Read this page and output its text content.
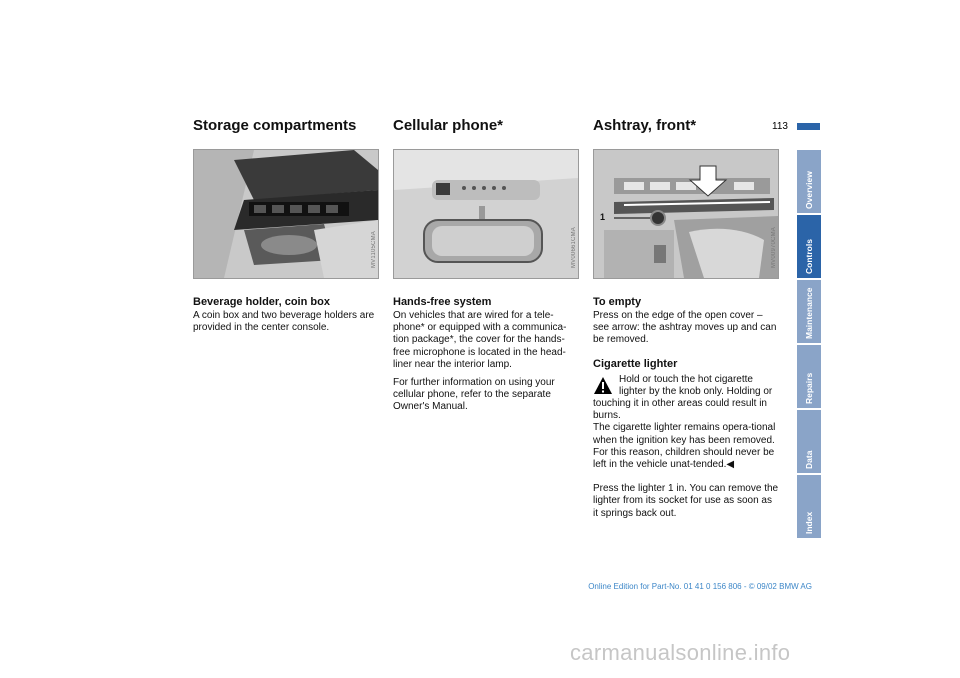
113
Storage compartments
MV1105CMA
Beverage holder, coin box

A coin box and two beverage holders are provided in the center console.

Cellular phone*
MV00661CMA
Hands-free system

On vehicles that are wired for a tele-phone* or equipped with a communica-tion package*, the cover for the hands-free microphone is located in the head-liner near the interior lamp.

For further information on using your cellular phone, refer to the separate Owner's Manual.

Ashtray, front*
1
MV00970CMA
To empty

Press on the edge of the open cover – see arrow: the ashtray moves up and can be removed.

Cigarette lighter

Hold or touch the hot cigarette lighter by the knob only. Holding or touching it in other areas could result in burns.
The cigarette lighter remains opera-tional when the ignition key has been removed. For this reason, children should never be left in the vehicle unat-tended.◀

Press the lighter 1 in. You can remove the lighter from its socket for use as soon as it springs back out.

Overview
Controls
Maintenance
Repairs
Data
Index
Online Edition for Part-No. 01 41 0 156 806 - © 09/02 BMW AG
carmanualsonline.info
